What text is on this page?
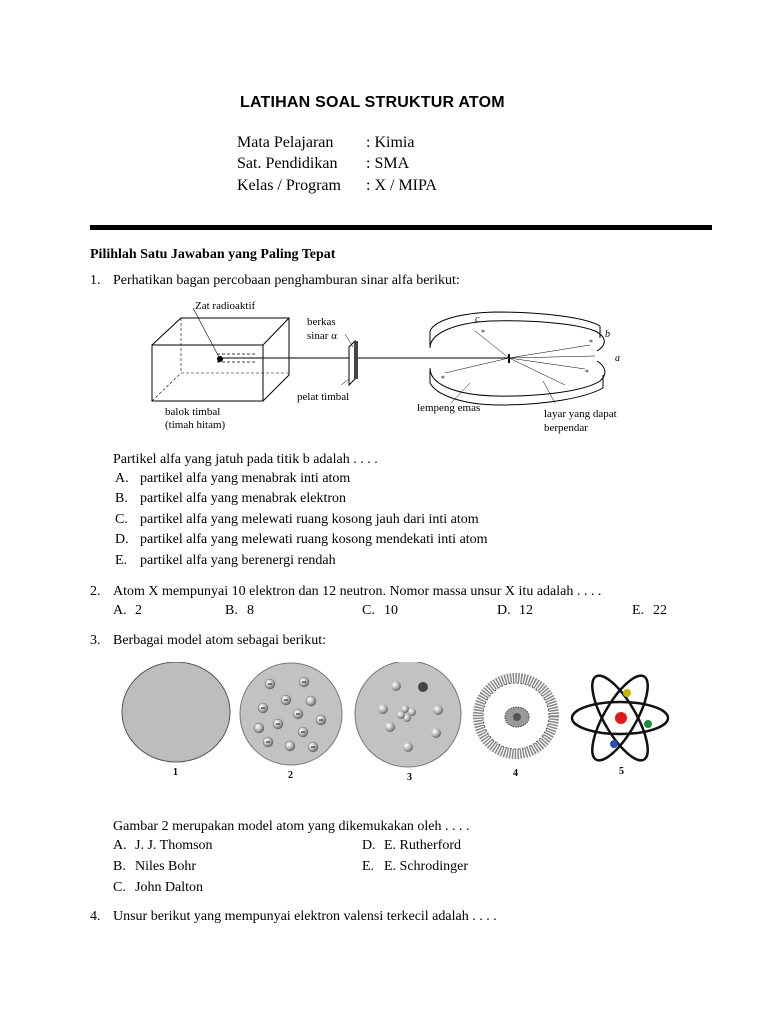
LATIHAN SOAL STRUKTUR ATOM
Mata Pelajaran : Kimia
Sat. Pendidikan : SMA
Kelas / Program : X / MIPA
Pilihlah Satu Jawaban yang Paling Tepat
1. Perhatikan bagan percobaan penghamburan sinar alfa berikut:
*
*
*
*
Zat radioaktif
berkas
sinar α
balok timbal
(timah hitam)
pelat timbal
lempeng emas	layar yang dapat
berpendar
c
b
a
Partikel alfa yang jatuh pada titik b adalah . . . .
A. partikel alfa yang menabrak inti atom
B. partikel alfa yang menabrak elektron
C. partikel alfa yang melewati ruang kosong jauh dari inti atom
D. partikel alfa yang melewati ruang kosong mendekati inti atom
E. partikel alfa yang berenergi rendah
2. Atom X mempunyai 10 elektron dan 12 neutron. Nomor massa unsur X itu adalah . . . .
A. 2	B. 8	C. 10	D. 12	E. 22
3. Berbagai model atom sebagai berikut:
1	2	3	4	5
Gambar 2 merupakan model atom yang dikemukakan oleh . . . .
A. J. J. Thomson
B. Niles Bohr
C. John Dalton
D. E. Rutherford
E. E. Schrodinger
4. Unsur berikut yang mempunyai elektron valensi terkecil adalah . . . .
